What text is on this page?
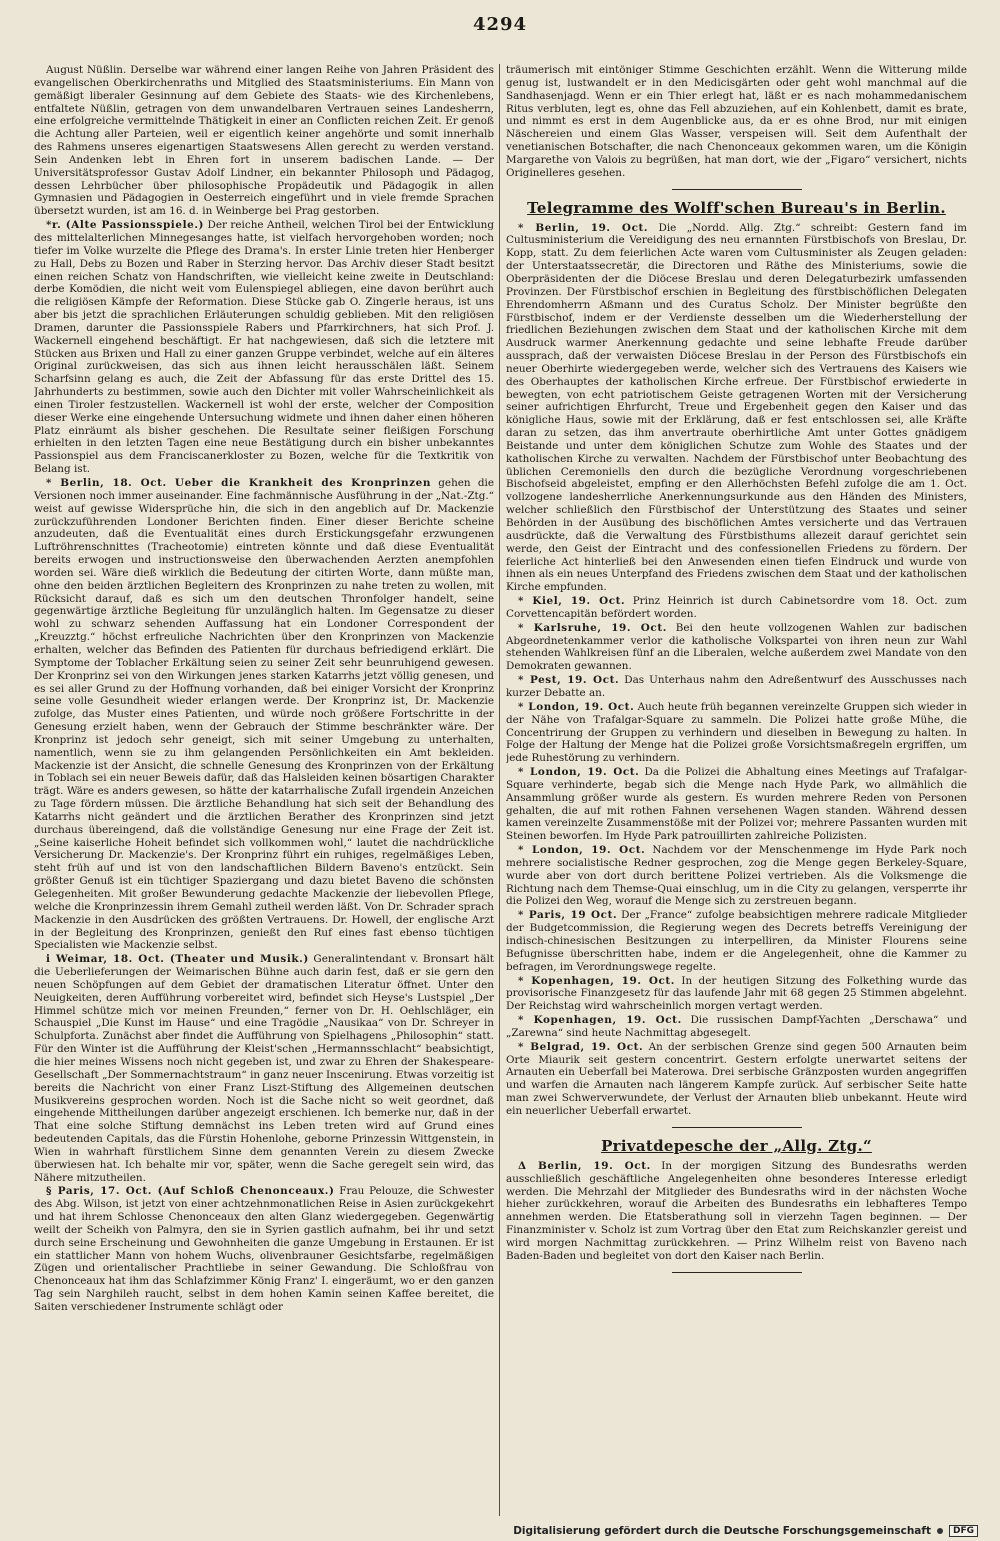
4294

August Nüßlin. Derselbe war während einer langen Reihe von Jahren Präsident des evangelischen Oberkirchenraths und Mitglied des Staatsministeriums. Ein Mann von gemäßigt liberaler Gesinnung auf dem Gebiete des Staats- wie des Kirchenlebens, entfaltete Nüßlin, getragen von dem unwandelbaren Vertrauen seines Landesherrn, eine erfolgreiche vermittelnde Thätigkeit in einer an Conflicten reichen Zeit. Er genoß die Achtung aller Parteien, weil er eigentlich keiner angehörte und somit innerhalb des Rahmens unseres eigenartigen Staatswesens Allen gerecht zu werden verstand. Sein Andenken lebt in Ehren fort in unserem badischen Lande. — Der Universitätsprofessor Gustav Adolf Lindner, ein bekannter Philosoph und Pädagog, dessen Lehrbücher über philosophische Propädeutik und Pädagogik in allen Gymnasien und Pädagogien in Oesterreich eingeführt und in viele fremde Sprachen übersetzt wurden, ist am 16. d. in Weinberge bei Prag gestorben.

*r. (Alte Passionsspiele.) Der reiche Antheil, welchen Tirol bei der Entwicklung des mittelalterlichen Minnegesanges hatte, ist vielfach hervorgehoben worden; noch tiefer im Volke wurzelte die Pflege des Drama's. In erster Linie treten hier Henberger zu Hall, Debs zu Bozen und Raber in Sterzing hervor. Das Archiv dieser Stadt besitzt einen reichen Schatz von Handschriften, wie vielleicht keine zweite in Deutschland: derbe Komödien, die nicht weit vom Eulenspiegel abliegen, eine davon berührt auch die religiösen Kämpfe der Reformation. Diese Stücke gab O. Zingerle heraus, ist uns aber bis jetzt die sprachlichen Erläuterungen schuldig geblieben. Mit den religiösen Dramen, darunter die Passionsspiele Rabers und Pfarrkirchners, hat sich Prof. J. Wackernell eingehend beschäftigt. Er hat nachgewiesen, daß sich die letztere mit Stücken aus Brixen und Hall zu einer ganzen Gruppe verbindet, welche auf ein älteres Original zurückweisen, das sich aus ihnen leicht herausschälen läßt. Seinem Scharfsinn gelang es auch, die Zeit der Abfassung für das erste Drittel des 15. Jahrhunderts zu bestimmen, sowie auch den Dichter mit voller Wahrscheinlichkeit als einen Tiroler festzustellen. Wackernell ist wohl der erste, welcher der Composition dieser Werke eine eingehende Untersuchung widmete und ihnen daher einen höheren Platz einräumt als bisher geschehen. Die Resultate seiner fleißigen Forschung erhielten in den letzten Tagen eine neue Bestätigung durch ein bisher unbekanntes Passionspiel aus dem Franciscanerkloster zu Bozen, welche für die Textkritik von Belang ist.

* Berlin, 18. Oct. Ueber die Krankheit des Kronprinzen gehen die Versionen noch immer auseinander. Eine fachmännische Ausführung in der „Nat.-Ztg.“ weist auf gewisse Widersprüche hin, die sich in den angeblich auf Dr. Mackenzie zurückzuführenden Londoner Berichten finden. Einer dieser Berichte scheine anzudeuten, daß die Eventualität eines durch Erstickungsgefahr erzwungenen Luftröhrenschnittes (Tracheotomie) eintreten könnte und daß diese Eventualität bereits erwogen und instructionsweise den überwachenden Aerzten anempfohlen worden sei. Wäre dieß wirklich die Bedeutung der citirten Worte, dann müßte man, ohne den beiden ärztlichen Begleitern des Kronprinzen zu nahe treten zu wollen, mit Rücksicht darauf, daß es sich um den deutschen Thronfolger handelt, seine gegenwärtige ärztliche Begleitung für unzulänglich halten. Im Gegensatze zu dieser wohl zu schwarz sehenden Auffassung hat ein Londoner Correspondent der „Kreuzztg.“ höchst erfreuliche Nachrichten über den Kronprinzen von Mackenzie erhalten, welcher das Befinden des Patienten für durchaus befriedigend erklärt. Die Symptome der Toblacher Erkältung seien zu seiner Zeit sehr beunruhigend gewesen. Der Kronprinz sei von den Wirkungen jenes starken Katarrhs jetzt völlig genesen, und es sei aller Grund zu der Hoffnung vorhanden, daß bei einiger Vorsicht der Kronprinz seine volle Gesundheit wieder erlangen werde. Der Kronprinz ist, Dr. Mackenzie zufolge, das Muster eines Patienten, und würde noch größere Fortschritte in der Genesung erzielt haben, wenn der Gebrauch der Stimme beschränkter wäre. Der Kronprinz ist jedoch sehr geneigt, sich mit seiner Umgebung zu unterhalten, namentlich, wenn sie zu ihm gelangenden Persönlichkeiten ein Amt bekleiden. Mackenzie ist der Ansicht, die schnelle Genesung des Kronprinzen von der Erkältung in Toblach sei ein neuer Beweis dafür, daß das Halsleiden keinen bösartigen Charakter trägt. Wäre es anders gewesen, so hätte der katarrhalische Zufall irgendein Anzeichen zu Tage fördern müssen. Die ärztliche Behandlung hat sich seit der Behandlung des Katarrhs nicht geändert und die ärztlichen Berather des Kronprinzen sind jetzt durchaus übereingend, daß die vollständige Genesung nur eine Frage der Zeit ist. „Seine kaiserliche Hoheit befindet sich vollkommen wohl,“ lautet die nachdrückliche Versicherung Dr. Mackenzie's. Der Kronprinz führt ein ruhiges, regelmäßiges Leben, steht früh auf und ist von den landschaftlichen Bildern Baveno's entzückt. Sein größter Genuß ist ein tüchtiger Spaziergang und dazu bietet Baveno die schönsten Gelegenheiten. Mit großer Bewunderung gedachte Mackenzie der liebevollen Pflege, welche die Kronprinzessin ihrem Gemahl zutheil werden läßt. Von Dr. Schrader sprach Mackenzie in den Ausdrücken des größten Vertrauens. Dr. Howell, der englische Arzt in der Begleitung des Kronprinzen, genießt den Ruf eines fast ebenso tüchtigen Specialisten wie Mackenzie selbst.

i Weimar, 18. Oct. (Theater und Musik.) Generalintendant v. Bronsart hält die Ueberlieferungen der Weimarischen Bühne auch darin fest, daß er sie gern den neuen Schöpfungen auf dem Gebiet der dramatischen Literatur öffnet. Unter den Neuigkeiten, deren Aufführung vorbereitet wird, befindet sich Heyse's Lustspiel „Der Himmel schütze mich vor meinen Freunden,“ ferner von Dr. H. Oehlschläger, ein Schauspiel „Die Kunst im Hause“ und eine Tragödie „Nausikaa“ von Dr. Schreyer in Schulpforta. Zunächst aber findet die Aufführung von Spielhagens „Philosophin“ statt. Für den Winter ist die Aufführung der Kleist'schen „Hermannsschlacht“ beabsichtigt, die hier meines Wissens noch nicht gegeben ist, und zwar zu Ehren der Shakespeare-Gesellschaft „Der Sommernachtstraum“ in ganz neuer Inscenirung. Etwas vorzeitig ist bereits die Nachricht von einer Franz Liszt-Stiftung des Allgemeinen deutschen Musikvereins gesprochen worden. Noch ist die Sache nicht so weit geordnet, daß eingehende Mittheilungen darüber angezeigt erschienen. Ich bemerke nur, daß in der That eine solche Stiftung demnächst ins Leben treten wird auf Grund eines bedeutenden Capitals, das die Fürstin Hohenlohe, geborne Prinzessin Wittgenstein, in Wien in wahrhaft fürstlichem Sinne dem genannten Verein zu diesem Zwecke überwiesen hat. Ich behalte mir vor, später, wenn die Sache geregelt sein wird, das Nähere mitzutheilen.

§ Paris, 17. Oct. (Auf Schloß Chenonceaux.) Frau Pelouze, die Schwester des Abg. Wilson, ist jetzt von einer achtzehnmonatlichen Reise in Asien zurückgekehrt und hat ihrem Schlosse Chenonceaux den alten Glanz wiedergegeben. Gegenwärtig weilt der Scheikh von Palmyra, den sie in Syrien gastlich aufnahm, bei ihr und setzt durch seine Erscheinung und Gewohnheiten die ganze Umgebung in Erstaunen. Er ist ein stattlicher Mann von hohem Wuchs, olivenbrauner Gesichtsfarbe, regelmäßigen Zügen und orientalischer Prachtliebe in seiner Gewandung. Die Schloßfrau von Chenonceaux hat ihm das Schlafzimmer König Franz' I. eingeräumt, wo er den ganzen Tag sein Narghileh raucht, selbst in dem hohen Kamin seinen Kaffee bereitet, die Saiten verschiedener Instrumente schlägt oder

träumerisch mit eintöniger Stimme Geschichten erzählt. Wenn die Witterung milde genug ist, lustwandelt er in den Medicisgärten oder geht wohl manchmal auf die Sandhasenjagd. Wenn er ein Thier erlegt hat, läßt er es nach mohammedanischem Ritus verbluten, legt es, ohne das Fell abzuziehen, auf ein Kohlenbett, damit es brate, und nimmt es erst in dem Augenblicke aus, da er es ohne Brod, nur mit einigen Näschereien und einem Glas Wasser, verspeisen will. Seit dem Aufenthalt der venetianischen Botschafter, die nach Chenonceaux gekommen waren, um die Königin Margarethe von Valois zu begrüßen, hat man dort, wie der „Figaro“ versichert, nichts Originelleres gesehen.

Telegramme des Wolff'schen Bureau's in Berlin.

* Berlin, 19. Oct. Die „Nordd. Allg. Ztg.“ schreibt: Gestern fand im Cultusministerium die Vereidigung des neu ernannten Fürstbischofs von Breslau, Dr. Kopp, statt. Zu dem feierlichen Acte waren vom Cultusminister als Zeugen geladen: der Unterstaatssecretär, die Directoren und Räthe des Ministeriums, sowie die Oberpräsidenten der die Diöcese Breslau und deren Delegaturbezirk umfassenden Provinzen. Der Fürstbischof erschien in Begleitung des fürstbischöflichen Delegaten Ehrendomherrn Aßmann und des Curatus Scholz. Der Minister begrüßte den Fürstbischof, indem er der Verdienste desselben um die Wiederherstellung der friedlichen Beziehungen zwischen dem Staat und der katholischen Kirche mit dem Ausdruck warmer Anerkennung gedachte und seine lebhafte Freude darüber aussprach, daß der verwaisten Diöcese Breslau in der Person des Fürstbischofs ein neuer Oberhirte wiedergegeben werde, welcher sich des Vertrauens des Kaisers wie des Oberhauptes der katholischen Kirche erfreue. Der Fürstbischof erwiederte in bewegten, von echt patriotischem Geiste getragenen Worten mit der Versicherung seiner aufrichtigen Ehrfurcht, Treue und Ergebenheit gegen den Kaiser und das königliche Haus, sowie mit der Erklärung, daß er fest entschlossen sei, alle Kräfte daran zu setzen, das ihm anvertraute oberhirtliche Amt unter Gottes gnädigem Beistande und unter dem königlichen Schutze zum Wohle des Staates und der katholischen Kirche zu verwalten. Nachdem der Fürstbischof unter Beobachtung des üblichen Ceremoniells den durch die bezügliche Verordnung vorgeschriebenen Bischofseid abgeleistet, empfing er den Allerhöchsten Befehl zufolge die am 1. Oct. vollzogene landesherrliche Anerkennungsurkunde aus den Händen des Ministers, welcher schließlich den Fürstbischof der Unterstützung des Staates und seiner Behörden in der Ausübung des bischöflichen Amtes versicherte und das Vertrauen ausdrückte, daß die Verwaltung des Fürstbisthums allezeit darauf gerichtet sein werde, den Geist der Eintracht und des confessionellen Friedens zu fördern. Der feierliche Act hinterließ bei den Anwesenden einen tiefen Eindruck und wurde von ihnen als ein neues Unterpfand des Friedens zwischen dem Staat und der katholischen Kirche empfunden.

* Kiel, 19. Oct. Prinz Heinrich ist durch Cabinetsordre vom 18. Oct. zum Corvettencapitän befördert worden.

* Karlsruhe, 19. Oct. Bei den heute vollzogenen Wahlen zur badischen Abgeordnetenkammer verlor die katholische Volkspartei von ihren neun zur Wahl stehenden Wahlkreisen fünf an die Liberalen, welche außerdem zwei Mandate von den Demokraten gewannen.

* Pest, 19. Oct. Das Unterhaus nahm den Adreßentwurf des Ausschusses nach kurzer Debatte an.

* London, 19. Oct. Auch heute früh begannen vereinzelte Gruppen sich wieder in der Nähe von Trafalgar-Square zu sammeln. Die Polizei hatte große Mühe, die Concentrirung der Gruppen zu verhindern und dieselben in Bewegung zu halten. In Folge der Haltung der Menge hat die Polizei große Vorsichtsmaßregeln ergriffen, um jede Ruhestörung zu verhindern.

* London, 19. Oct. Da die Polizei die Abhaltung eines Meetings auf Trafalgar-Square verhinderte, begab sich die Menge nach Hyde Park, wo allmählich die Ansammlung größer wurde als gestern. Es wurden mehrere Reden von Personen gehalten, die auf mit rothen Fahnen versehenen Wagen standen. Während dessen kamen vereinzelte Zusammenstöße mit der Polizei vor; mehrere Passanten wurden mit Steinen beworfen. Im Hyde Park patrouillirten zahlreiche Polizisten.

* London, 19. Oct. Nachdem vor der Menschenmenge im Hyde Park noch mehrere socialistische Redner gesprochen, zog die Menge gegen Berkeley-Square, wurde aber von dort durch berittene Polizei vertrieben. Als die Volksmenge die Richtung nach dem Themse-Quai einschlug, um in die City zu gelangen, versperrte ihr die Polizei den Weg, worauf die Menge sich zu zerstreuen begann.

* Paris, 19 Oct. Der „France“ zufolge beabsichtigen mehrere radicale Mitglieder der Budgetcommission, die Regierung wegen des Decrets betreffs Vereinigung der indisch-chinesischen Besitzungen zu interpelliren, da Minister Flourens seine Befugnisse überschritten habe, indem er die Angelegenheit, ohne die Kammer zu befragen, im Verordnungswege regelte.

* Kopenhagen, 19. Oct. In der heutigen Sitzung des Folkething wurde das provisorische Finanzgesetz für das laufende Jahr mit 68 gegen 25 Stimmen abgelehnt. Der Reichstag wird wahrscheinlich morgen vertagt werden.

* Kopenhagen, 19. Oct. Die russischen Dampf-Yachten „Derschawa“ und „Zarewna“ sind heute Nachmittag abgesegelt.

* Belgrad, 19. Oct. An der serbischen Grenze sind gegen 500 Arnauten beim Orte Miaurik seit gestern concentrirt. Gestern erfolgte unerwartet seitens der Arnauten ein Ueberfall bei Materowa. Drei serbische Gränzposten wurden angegriffen und warfen die Arnauten nach längerem Kampfe zurück. Auf serbischer Seite hatte man zwei Schwerverwundete, der Verlust der Arnauten blieb unbekannt. Heute wird ein neuerlicher Ueberfall erwartet.

Privatdepesche der „Allg. Ztg.“

Δ Berlin, 19. Oct. In der morgigen Sitzung des Bundesraths werden ausschließlich geschäftliche Angelegenheiten ohne besonderes Interesse erledigt werden. Die Mehrzahl der Mitglieder des Bundesraths wird in der nächsten Woche hieher zurückkehren, worauf die Arbeiten des Bundesraths ein lebhafteres Tempo annehmen werden. Die Etatsberathung soll in vierzehn Tagen beginnen. — Der Finanzminister v. Scholz ist zum Vortrag über den Etat zum Reichskanzler gereist und wird morgen Nachmittag zurückkehren. — Prinz Wilhelm reist von Baveno nach Baden-Baden und begleitet von dort den Kaiser nach Berlin.

Digitalisierung gefördert durch die Deutsche Forschungsgemeinschaft	DFG
